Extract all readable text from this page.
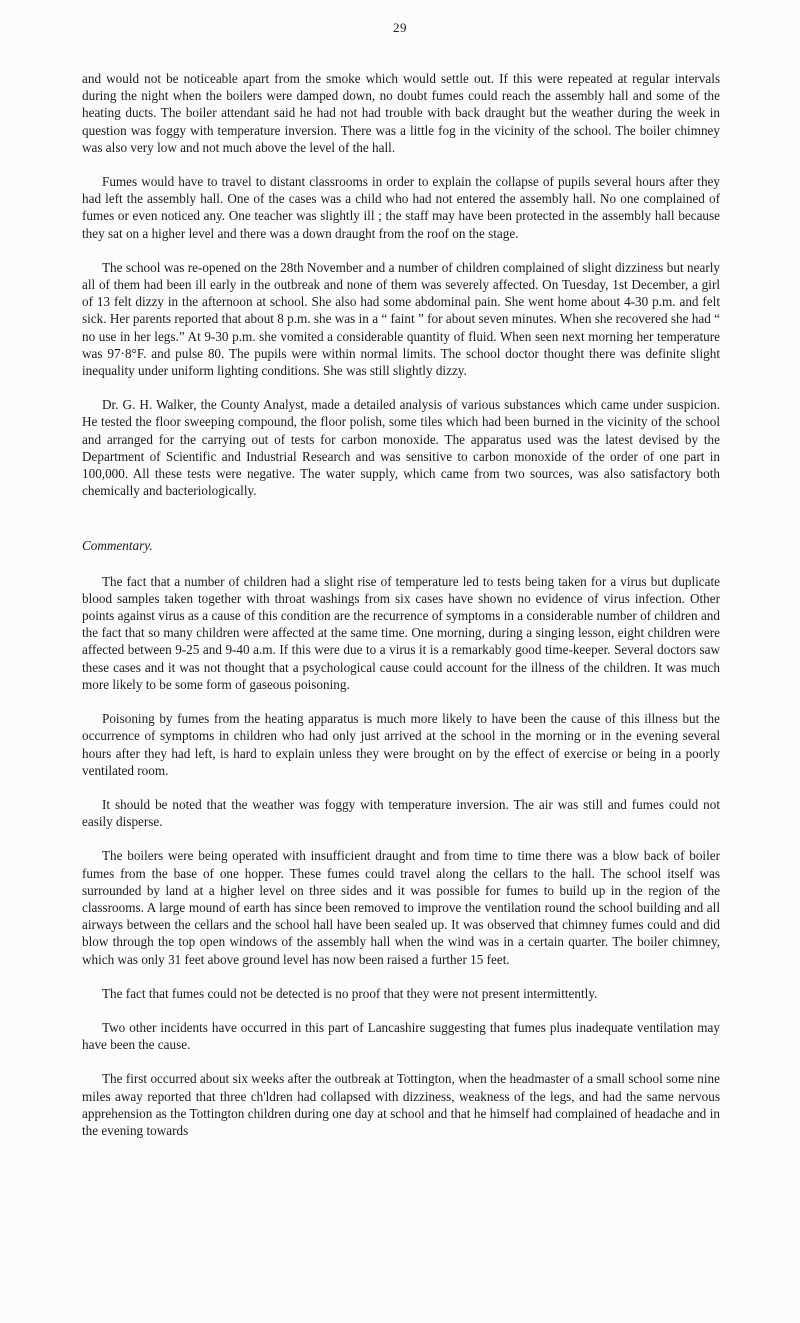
29

and would not be noticeable apart from the smoke which would settle out. If this were repeated at regular intervals during the night when the boilers were damped down, no doubt fumes could reach the assembly hall and some of the heating ducts. The boiler attendant said he had not had trouble with back draught but the weather during the week in question was foggy with temperature inversion. There was a little fog in the vicinity of the school. The boiler chimney was also very low and not much above the level of the hall.

Fumes would have to travel to distant classrooms in order to explain the collapse of pupils several hours after they had left the assembly hall. One of the cases was a child who had not entered the assembly hall. No one complained of fumes or even noticed any. One teacher was slightly ill ; the staff may have been protected in the assembly hall because they sat on a higher level and there was a down draught from the roof on the stage.

The school was re-opened on the 28th November and a number of children complained of slight dizziness but nearly all of them had been ill early in the outbreak and none of them was severely affected. On Tuesday, 1st December, a girl of 13 felt dizzy in the afternoon at school. She also had some abdominal pain. She went home about 4-30 p.m. and felt sick. Her parents reported that about 8 p.m. she was in a “ faint ” for about seven minutes. When she recovered she had “ no use in her legs.” At 9-30 p.m. she vomited a considerable quantity of fluid. When seen next morning her temperature was 97·8°F. and pulse 80. The pupils were within normal limits. The school doctor thought there was definite slight inequality under uniform lighting conditions. She was still slightly dizzy.

Dr. G. H. Walker, the County Analyst, made a detailed analysis of various substances which came under suspicion. He tested the floor sweeping compound, the floor polish, some tiles which had been burned in the vicinity of the school and arranged for the carrying out of tests for carbon monoxide. The apparatus used was the latest devised by the Department of Scientific and Industrial Research and was sensitive to carbon monoxide of the order of one part in 100,000. All these tests were negative. The water supply, which came from two sources, was also satisfactory both chemically and bacteriologically.

Commentary.

The fact that a number of children had a slight rise of temperature led to tests being taken for a virus but duplicate blood samples taken together with throat washings from six cases have shown no evidence of virus infection. Other points against virus as a cause of this condition are the recurrence of symptoms in a considerable number of children and the fact that so many children were affected at the same time. One morning, during a singing lesson, eight children were affected between 9-25 and 9-40 a.m. If this were due to a virus it is a remarkably good time-keeper. Several doctors saw these cases and it was not thought that a psychological cause could account for the illness of the children. It was much more likely to be some form of gaseous poisoning.

Poisoning by fumes from the heating apparatus is much more likely to have been the cause of this illness but the occurrence of symptoms in children who had only just arrived at the school in the morning or in the evening several hours after they had left, is hard to explain unless they were brought on by the effect of exercise or being in a poorly ventilated room.

It should be noted that the weather was foggy with temperature inversion. The air was still and fumes could not easily disperse.

The boilers were being operated with insufficient draught and from time to time there was a blow back of boiler fumes from the base of one hopper. These fumes could travel along the cellars to the hall. The school itself was surrounded by land at a higher level on three sides and it was possible for fumes to build up in the region of the classrooms. A large mound of earth has since been removed to improve the ventilation round the school building and all airways between the cellars and the school hall have been sealed up. It was observed that chimney fumes could and did blow through the top open windows of the assembly hall when the wind was in a certain quarter. The boiler chimney, which was only 31 feet above ground level has now been raised a further 15 feet.

The fact that fumes could not be detected is no proof that they were not present intermittently.

Two other incidents have occurred in this part of Lancashire suggesting that fumes plus inadequate ventilation may have been the cause.

The first occurred about six weeks after the outbreak at Tottington, when the headmaster of a small school some nine miles away reported that three ch'ldren had collapsed with dizziness, weakness of the legs, and had the same nervous apprehension as the Tottington children during one day at school and that he himself had complained of headache and in the evening towards
